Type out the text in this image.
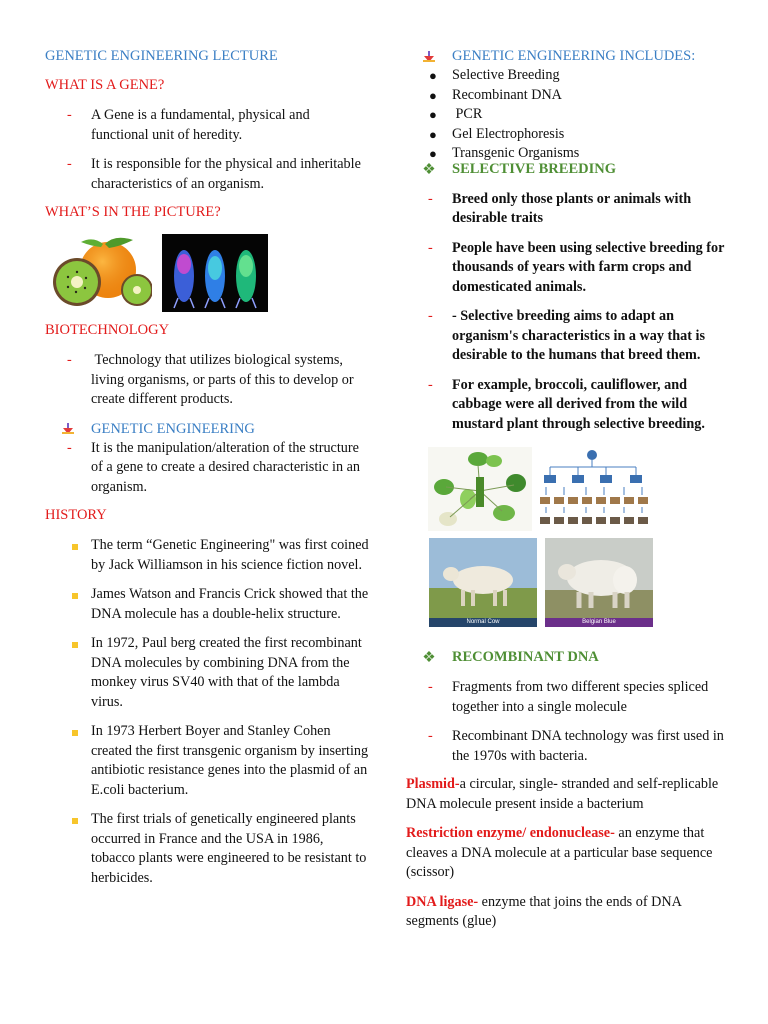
GENETIC ENGINEERING LECTURE

WHAT IS A GENE?

- A Gene is a fundamental, physical and functional unit of heredity.
- It is responsible for the physical and inheritable characteristics of an organism.

WHAT’S IN THE PICTURE?

BIOTECHNOLOGY

- Technology that utilizes biological systems, living organisms, or parts of this to develop or create different products.
GENETIC ENGINEERING
- It is the manipulation/alteration of the structure of a gene to create a desired characteristic in an organism.

HISTORY

The term “Genetic Engineering" was first coined by Jack Williamson in his science fiction novel.
James Watson and Francis Crick showed that the DNA molecule has a double-helix structure.
In 1972, Paul berg created the first recombinant DNA molecules by combining DNA from the monkey virus SV40 with that of the lambda virus.
In 1973 Herbert Boyer and Stanley Cohen created the first transgenic organism by inserting antibiotic resistance genes into the plasmid of an E.coli bacterium.
The first trials of genetically engineered plants occurred in France and the USA in 1986, tobacco plants were engineered to be resistant to herbicides.
GENETIC ENGINEERING INCLUDES:
● Selective Breeding
● Recombinant DNA
● PCR
● Gel Electrophoresis
● Transgenic Organisms
❖	SELECTIVE BREEDING
- Breed only those plants or animals with desirable traits
- People have been using selective breeding for thousands of years with farm crops and domesticated animals.
- - Selective breeding aims to adapt an organism's characteristics in a way that is desirable to the humans that breed them.
- For example, broccoli, cauliflower, and cabbage were all derived from the wild mustard plant through selective breeding.
Normal Cow	Belgian Blue
❖	RECOMBINANT DNA
- Fragments from two different species spliced together into a single molecule
- Recombinant DNA technology was first used in the 1970s with bacteria.

Plasmid-a circular, single- stranded and self-replicable DNA molecule present inside a bacterium

Restriction enzyme/ endonuclease- an enzyme that cleaves a DNA molecule at a particular base sequence (scissor)

DNA ligase- enzyme that joins the ends of DNA segments (glue)
